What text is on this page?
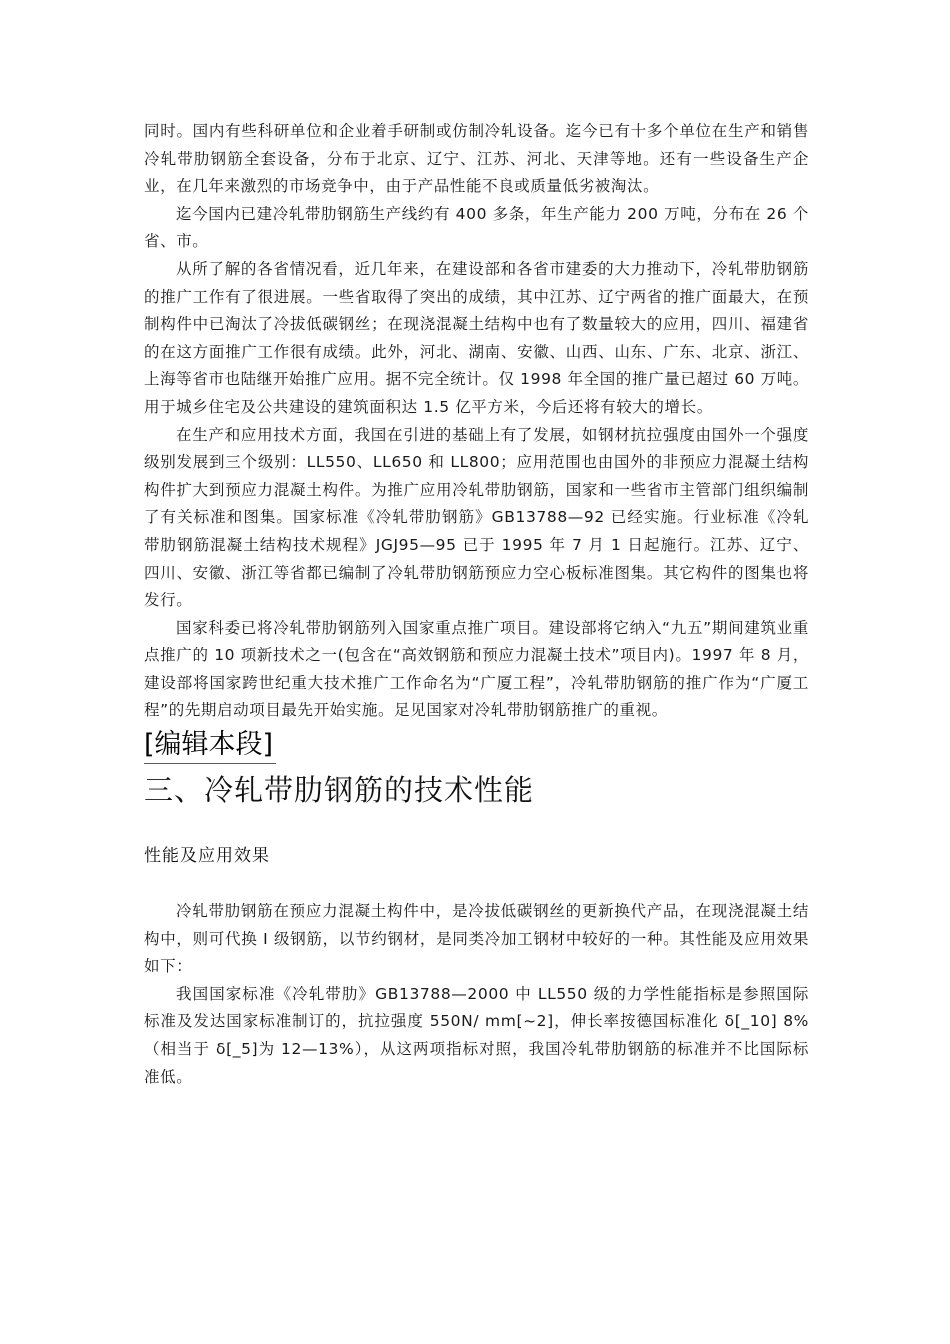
同时。国内有些科研单位和企业着手研制或仿制冷轧设备。迄今已有十多个单位在生产和销售冷轧带肋钢筋全套设备，分布于北京、辽宁、江苏、河北、天津等地。还有一些设备生产企业，在几年来激烈的市场竞争中，由于产品性能不良或质量低劣被淘汰。

迄今国内已建冷轧带肋钢筋生产线约有 400 多条，年生产能力 200 万吨，分布在 26 个省、市。

从所了解的各省情况看，近几年来，在建设部和各省市建委的大力推动下，冷轧带肋钢筋的推广工作有了很进展。一些省取得了突出的成绩，其中江苏、辽宁两省的推广面最大，在预制构件中已淘汰了冷拔低碳钢丝；在现浇混凝土结构中也有了数量较大的应用，四川、福建省的在这方面推广工作很有成绩。此外，河北、湖南、安徽、山西、山东、广东、北京、浙江、上海等省市也陆继开始推广应用。据不完全统计。仅 1998 年全国的推广量已超过 60 万吨。用于城乡住宅及公共建设的建筑面积达 1.5 亿平方米，今后还将有较大的增长。

在生产和应用技术方面，我国在引进的基础上有了发展，如钢材抗拉强度由国外一个强度级别发展到三个级别：LL550、LL650 和 LL800；应用范围也由国外的非预应力混凝土结构构件扩大到预应力混凝土构件。为推广应用冷轧带肋钢筋，国家和一些省市主管部门组织编制了有关标准和图集。国家标准《冷轧带肋钢筋》GB13788—92 已经实施。行业标准《冷轧带肋钢筋混凝土结构技术规程》JGJ95—95 已于 1995 年 7 月 1 日起施行。江苏、辽宁、四川、安徽、浙江等省都已编制了冷轧带肋钢筋预应力空心板标准图集。其它构件的图集也将发行。

国家科委已将冷轧带肋钢筋列入国家重点推广项目。建设部将它纳入“九五”期间建筑业重点推广的 10 项新技术之一(包含在“高效钢筋和预应力混凝土技术”项目内)。1997 年 8 月，建设部将国家跨世纪重大技术推广工作命名为“广厦工程”，冷轧带肋钢筋的推广作为“广厦工程”的先期启动项目最先开始实施。足见国家对冷轧带肋钢筋推广的重视。

[编辑本段]
三、冷轧带肋钢筋的技术性能
性能及应用效果

冷轧带肋钢筋在预应力混凝土构件中，是冷拔低碳钢丝的更新换代产品，在现浇混凝土结构中，则可代换 I 级钢筋，以节约钢材，是同类冷加工钢材中较好的一种。其性能及应用效果如下：

我国国家标准《冷轧带肋》GB13788—2000 中 LL550 级的力学性能指标是参照国际标准及发达国家标准制订的，抗拉强度 550N/ mm[~2]，伸长率按德国标准化 δ[_10] 8%（相当于 δ[_5]为 12—13%），从这两项指标对照，我国冷轧带肋钢筋的标准并不比国际标准低。
